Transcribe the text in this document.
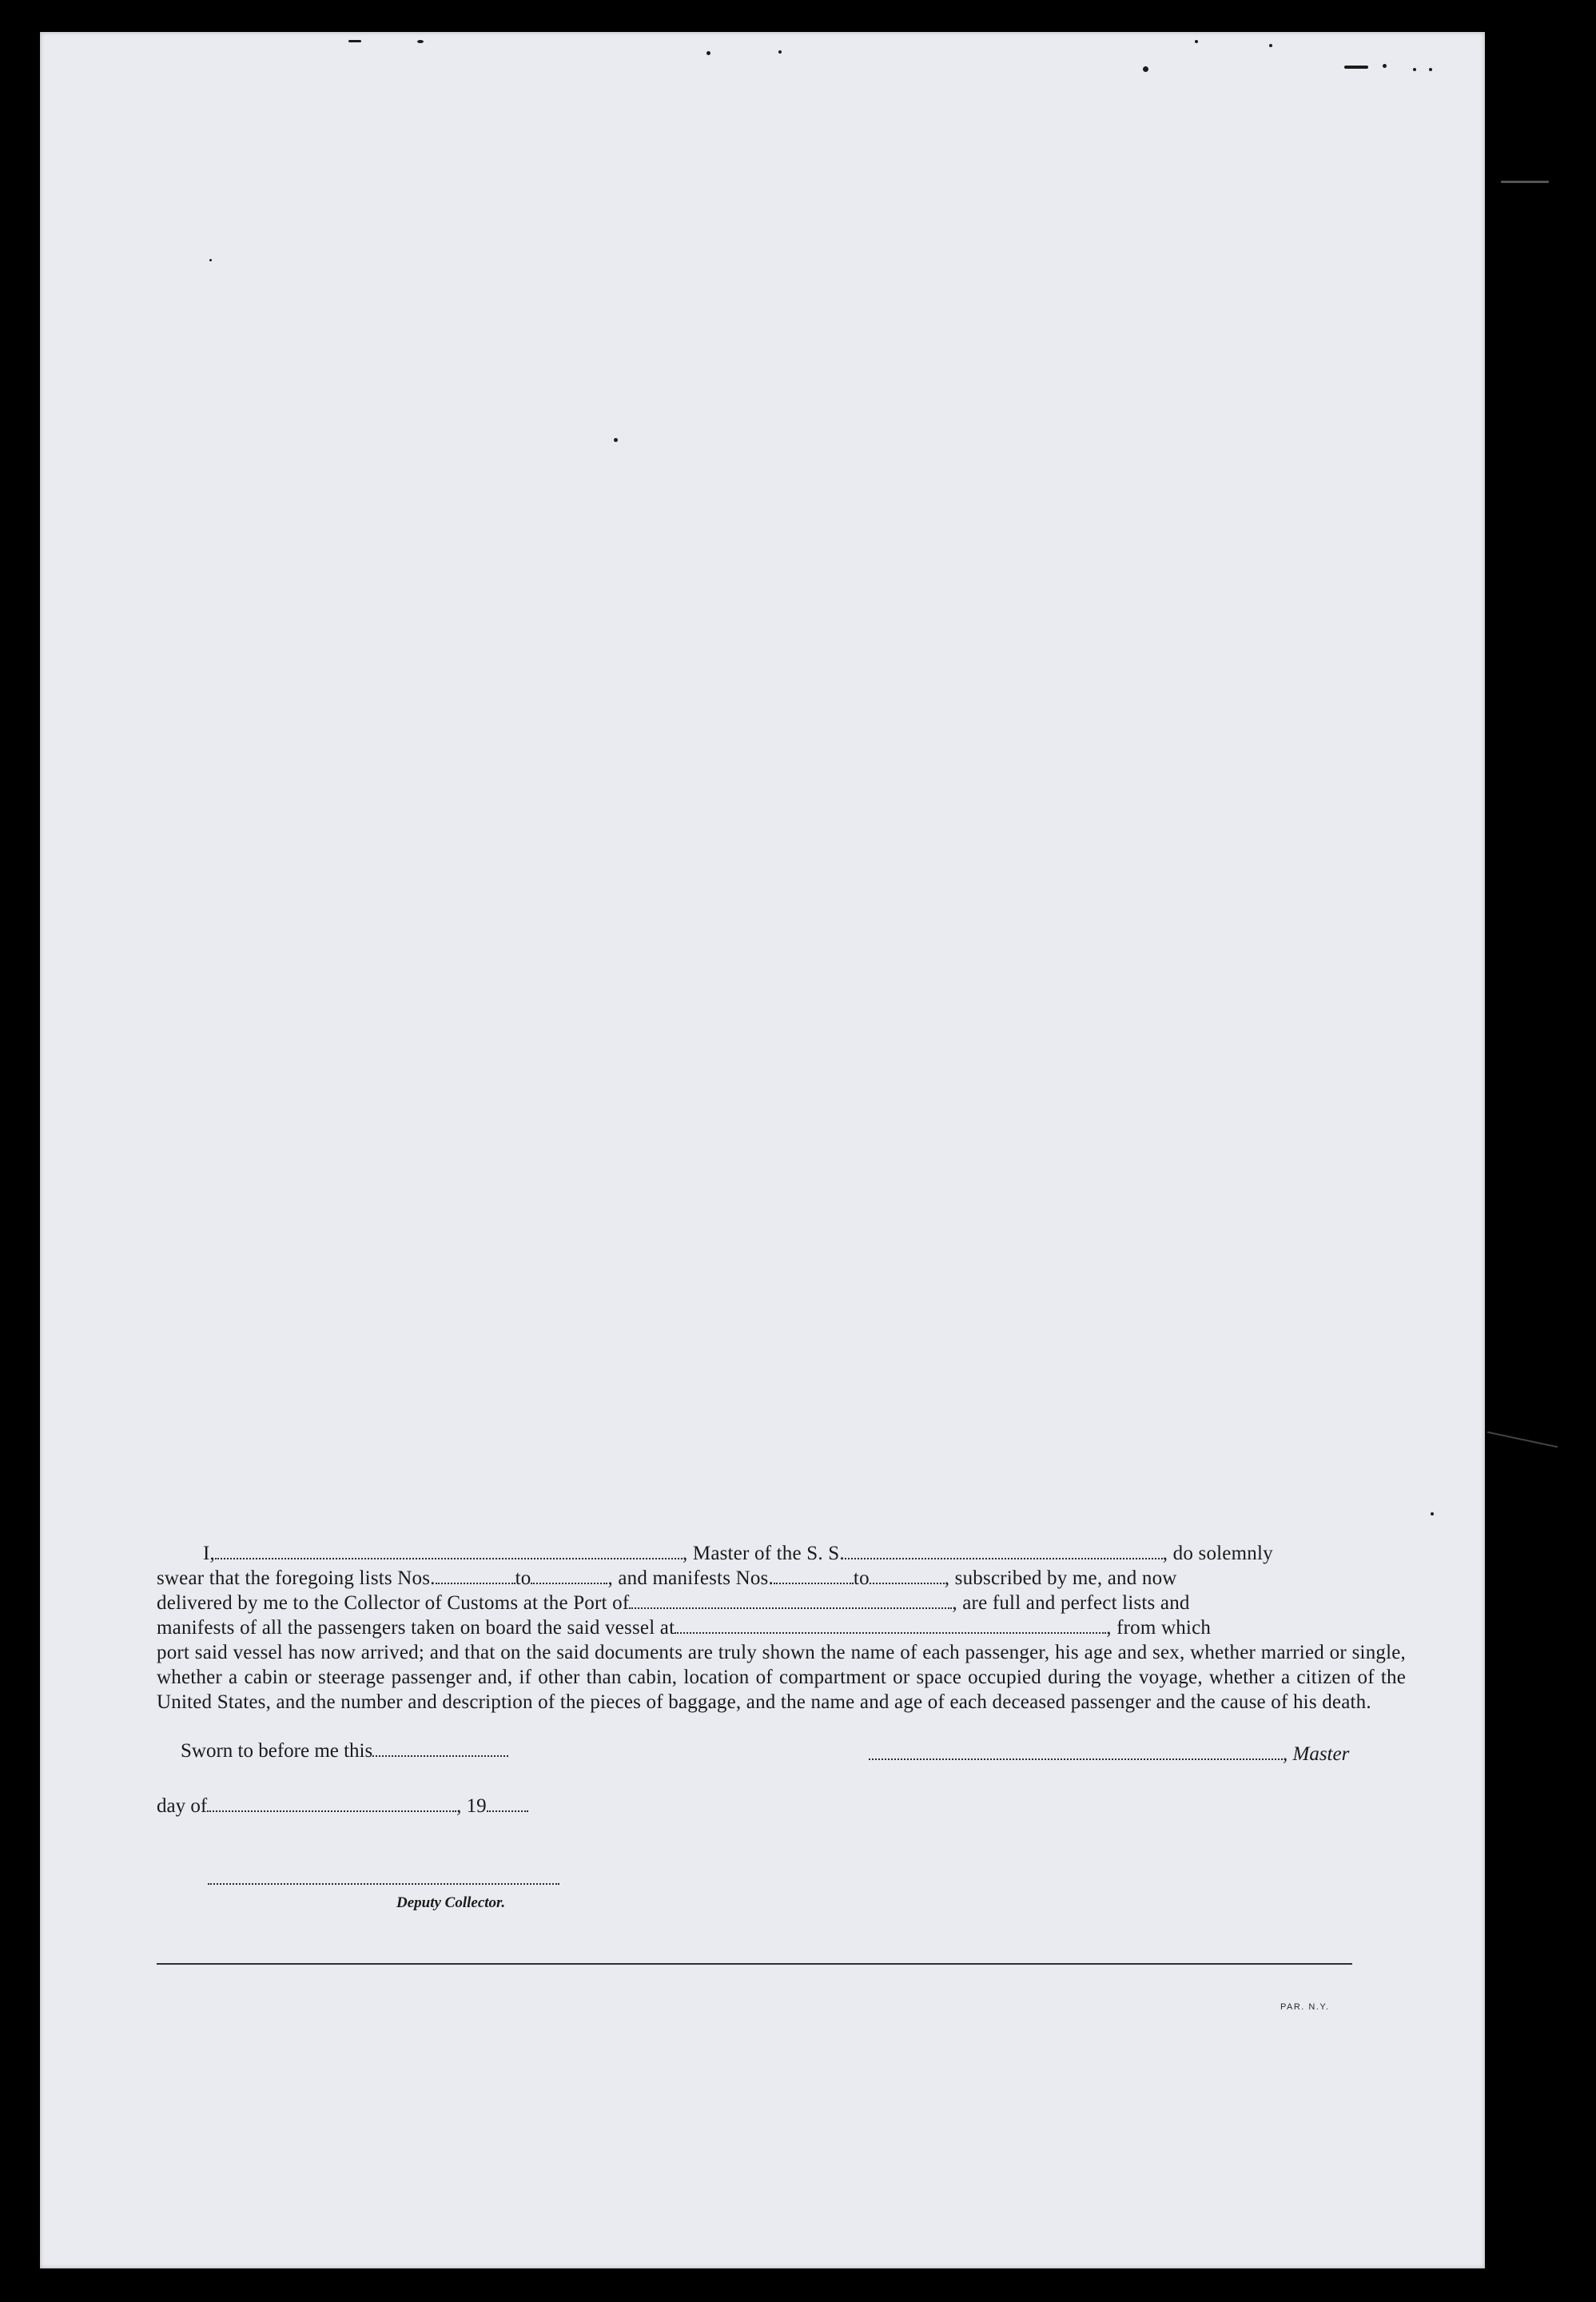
I,	, Master of the S. S.	, do solemnly

swear that the foregoing lists Nos.	to	, and manifests Nos.	to	, subscribed by me, and now

delivered by me to the Collector of Customs at the Port of	, are full and perfect lists and

manifests of all the passengers taken on board the said vessel at	, from which

port said vessel has now arrived; and that on the said documents are truly shown the name of each passenger, his age and sex, whether married or single, whether a cabin or steerage passenger and, if other than cabin, location of compartment or space occupied during the voyage, whether a citizen of the United States, and the number and description of the pieces of baggage, and the name and age of each deceased passenger and the cause of his death.

Sworn to before me this	, Master
day of	, 19
Deputy Collector.
PAR. N.Y.
